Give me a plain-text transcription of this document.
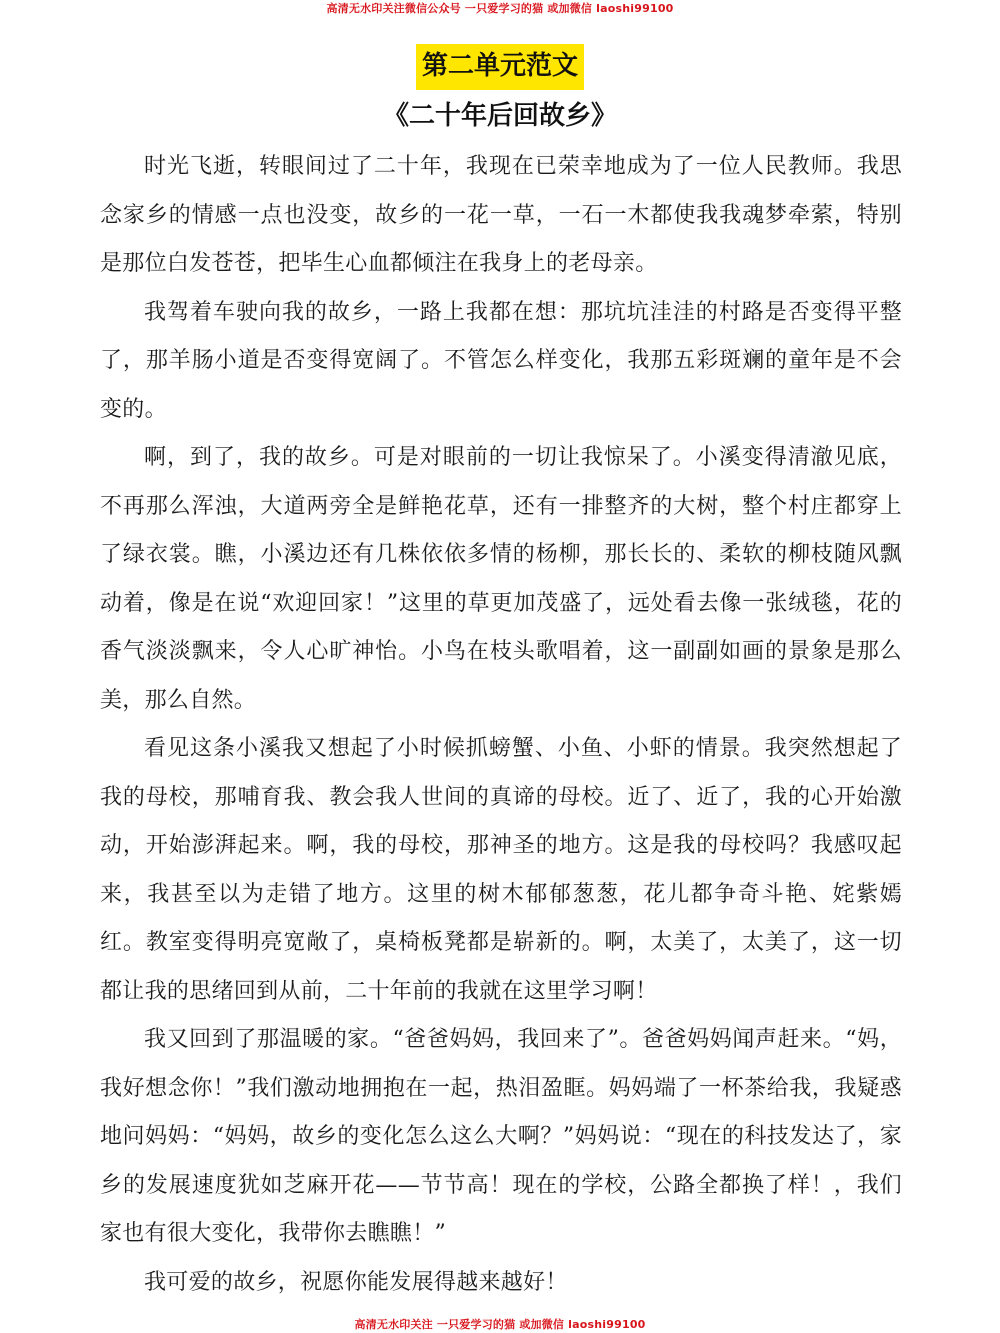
高清无水印关注微信公众号 一只爱学习的猫 或加微信 laoshi99100
第二单元范文
《二十年后回故乡》

时光飞逝，转眼间过了二十年，我现在已荣幸地成为了一位人民教师。我思念家乡的情感一点也没变，故乡的一花一草，一石一木都使我我魂梦牵萦，特别是那位白发苍苍，把毕生心血都倾注在我身上的老母亲。

我驾着车驶向我的故乡，一路上我都在想：那坑坑洼洼的村路是否变得平整了，那羊肠小道是否变得宽阔了。不管怎么样变化，我那五彩斑斓的童年是不会变的。

啊，到了，我的故乡。可是对眼前的一切让我惊呆了。小溪变得清澈见底，不再那么浑浊，大道两旁全是鲜艳花草，还有一排整齐的大树，整个村庄都穿上了绿衣裳。瞧，小溪边还有几株依依多情的杨柳，那长长的、柔软的柳枝随风飘动着，像是在说“欢迎回家！”这里的草更加茂盛了，远处看去像一张绒毯，花的香气淡淡飘来，令人心旷神怡。小鸟在枝头歌唱着，这一副副如画的景象是那么美，那么自然。

看见这条小溪我又想起了小时候抓螃蟹、小鱼、小虾的情景。我突然想起了我的母校，那哺育我、教会我人世间的真谛的母校。近了、近了，我的心开始激动，开始澎湃起来。啊，我的母校，那神圣的地方。这是我的母校吗？我感叹起来，我甚至以为走错了地方。这里的树木郁郁葱葱，花儿都争奇斗艳、姹紫嫣红。教室变得明亮宽敞了，桌椅板凳都是崭新的。啊，太美了，太美了，这一切都让我的思绪回到从前，二十年前的我就在这里学习啊！

我又回到了那温暖的家。“爸爸妈妈，我回来了”。爸爸妈妈闻声赶来。“妈，我好想念你！”我们激动地拥抱在一起，热泪盈眶。妈妈端了一杯茶给我，我疑惑地问妈妈：“妈妈，故乡的变化怎么这么大啊？”妈妈说：“现在的科技发达了，家乡的发展速度犹如芝麻开花——节节高！现在的学校，公路全都换了样！，我们家也有很大变化，我带你去瞧瞧！”

我可爱的故乡，祝愿你能发展得越来越好！

高清无水印关注 一只爱学习的猫 或加微信 laoshi99100
